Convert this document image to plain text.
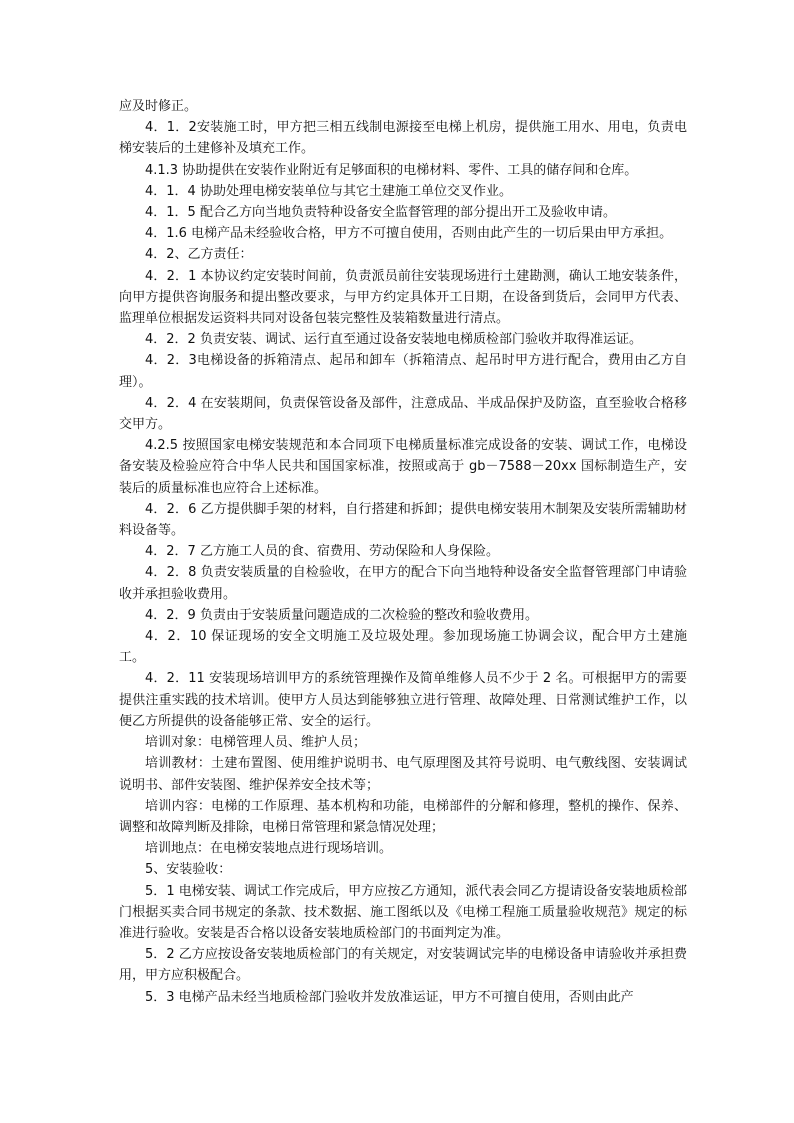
应及时修正。

4．1．2安装施工时，甲方把三相五线制电源接至电梯上机房，提供施工用水、用电，负责电梯安装后的土建修补及填充工作。

4.1.3 协助提供在安装作业附近有足够面积的电梯材料、零件、工具的储存间和仓库。

4．1．4 协助处理电梯安装单位与其它土建施工单位交叉作业。

4．1．5 配合乙方向当地负责特种设备安全监督管理的部分提出开工及验收申请。

4．1.6 电梯产品未经验收合格，甲方不可擅自使用，否则由此产生的一切后果由甲方承担。

4．2、乙方责任：

4．2．1 本协议约定安装时间前，负责派员前往安装现场进行土建勘测，确认工地安装条件，向甲方提供咨询服务和提出整改要求，与甲方约定具体开工日期，在设备到货后，会同甲方代表、监理单位根据发运资料共同对设备包装完整性及装箱数量进行清点。

4．2．2 负责安装、调试、运行直至通过设备安装地电梯质检部门验收并取得准运证。

4．2．3电梯设备的拆箱清点、起吊和卸车（拆箱清点、起吊时甲方进行配合，费用由乙方自理）。

4．2．4 在安装期间，负责保管设备及部件，注意成品、半成品保护及防盗，直至验收合格移交甲方。

4.2.5 按照国家电梯安装规范和本合同项下电梯质量标准完成设备的安装、调试工作，电梯设备安装及检验应符合中华人民共和国国家标准，按照或高于 gb－7588－20xx 国标制造生产，安装后的质量标准也应符合上述标准。

4．2．6 乙方提供脚手架的材料，自行搭建和拆卸；提供电梯安装用木制架及安装所需辅助材料设备等。

4．2．7 乙方施工人员的食、宿费用、劳动保险和人身保险。

4．2．8 负责安装质量的自检验收，在甲方的配合下向当地特种设备安全监督管理部门申请验收并承担验收费用。

4．2．9 负责由于安装质量问题造成的二次检验的整改和验收费用。

4．2．10 保证现场的安全文明施工及垃圾处理。参加现场施工协调会议，配合甲方土建施工。

4．2．11 安装现场培训甲方的系统管理操作及简单维修人员不少于 2 名。可根据甲方的需要提供注重实践的技术培训。使甲方人员达到能够独立进行管理、故障处理、日常测试维护工作，以便乙方所提供的设备能够正常、安全的运行。

培训对象：电梯管理人员、维护人员；

培训教材：土建布置图、使用维护说明书、电气原理图及其符号说明、电气敷线图、安装调试说明书、部件安装图、维护保养安全技术等；

培训内容：电梯的工作原理、基本机构和功能，电梯部件的分解和修理，整机的操作、保养、调整和故障判断及排除，电梯日常管理和紧急情况处理；

培训地点：在电梯安装地点进行现场培训。

5、安装验收：

5．1 电梯安装、调试工作完成后，甲方应按乙方通知，派代表会同乙方提请设备安装地质检部门根据买卖合同书规定的条款、技术数据、施工图纸以及《电梯工程施工质量验收规范》规定的标准进行验收。安装是否合格以设备安装地质检部门的书面判定为准。

5．2 乙方应按设备安装地质检部门的有关规定，对安装调试完毕的电梯设备申请验收并承担费用，甲方应积极配合。

5．3 电梯产品未经当地质检部门验收并发放准运证，甲方不可擅自使用，否则由此产
